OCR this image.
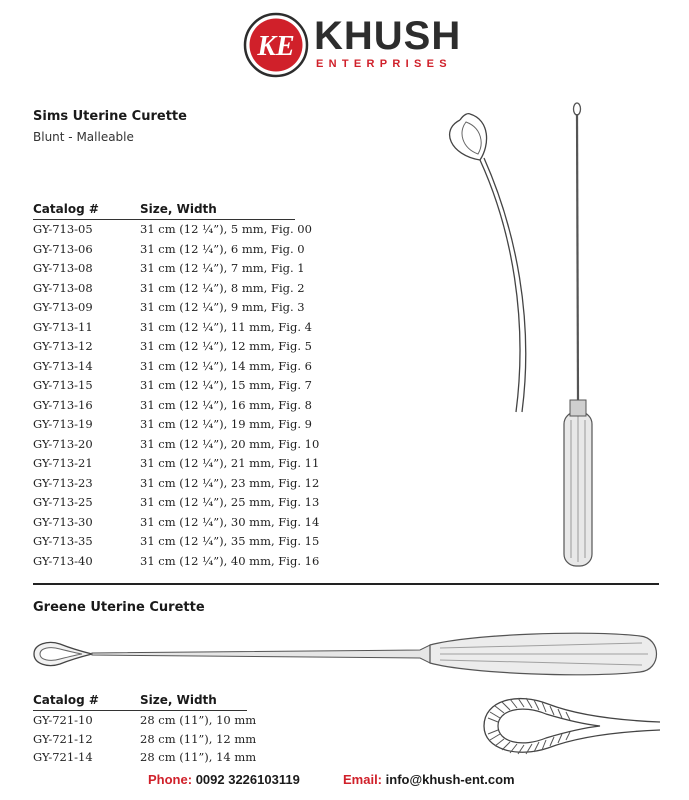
KE KHUSH
ENTERPRISES
Sims Uterine Curette
Blunt - Malleable
Catalog #	Size, Width
GY-713-05	31 cm (12 ¼”), 5 mm, Fig. 00
GY-713-06	31 cm (12 ¼”), 6 mm, Fig. 0
GY-713-08	31 cm (12 ¼”), 7 mm, Fig. 1
GY-713-08	31 cm (12 ¼”), 8 mm, Fig. 2
GY-713-09	31 cm (12 ¼”), 9 mm, Fig. 3
GY-713-11	31 cm (12 ¼”), 11 mm, Fig. 4
GY-713-12	31 cm (12 ¼”), 12 mm, Fig. 5
GY-713-14	31 cm (12 ¼”), 14 mm, Fig. 6
GY-713-15	31 cm (12 ¼”), 15 mm, Fig. 7
GY-713-16	31 cm (12 ¼”), 16 mm, Fig. 8
GY-713-19	31 cm (12 ¼”), 19 mm, Fig. 9
GY-713-20	31 cm (12 ¼”), 20 mm, Fig. 10
GY-713-21	31 cm (12 ¼”), 21 mm, Fig. 11
GY-713-23	31 cm (12 ¼”), 23 mm, Fig. 12
GY-713-25	31 cm (12 ¼”), 25 mm, Fig. 13
GY-713-30	31 cm (12 ¼”), 30 mm, Fig. 14
GY-713-35	31 cm (12 ¼”), 35 mm, Fig. 15
GY-713-40	31 cm (12 ¼”), 40 mm, Fig. 16
Greene Uterine Curette
Catalog #	Size, Width
GY-721-10	28 cm (11”), 10 mm
GY-721-12	28 cm (11”), 12 mm
GY-721-14	28 cm (11”), 14 mm
Phone: 0092 3226103119	Email: info@khush-ent.com
